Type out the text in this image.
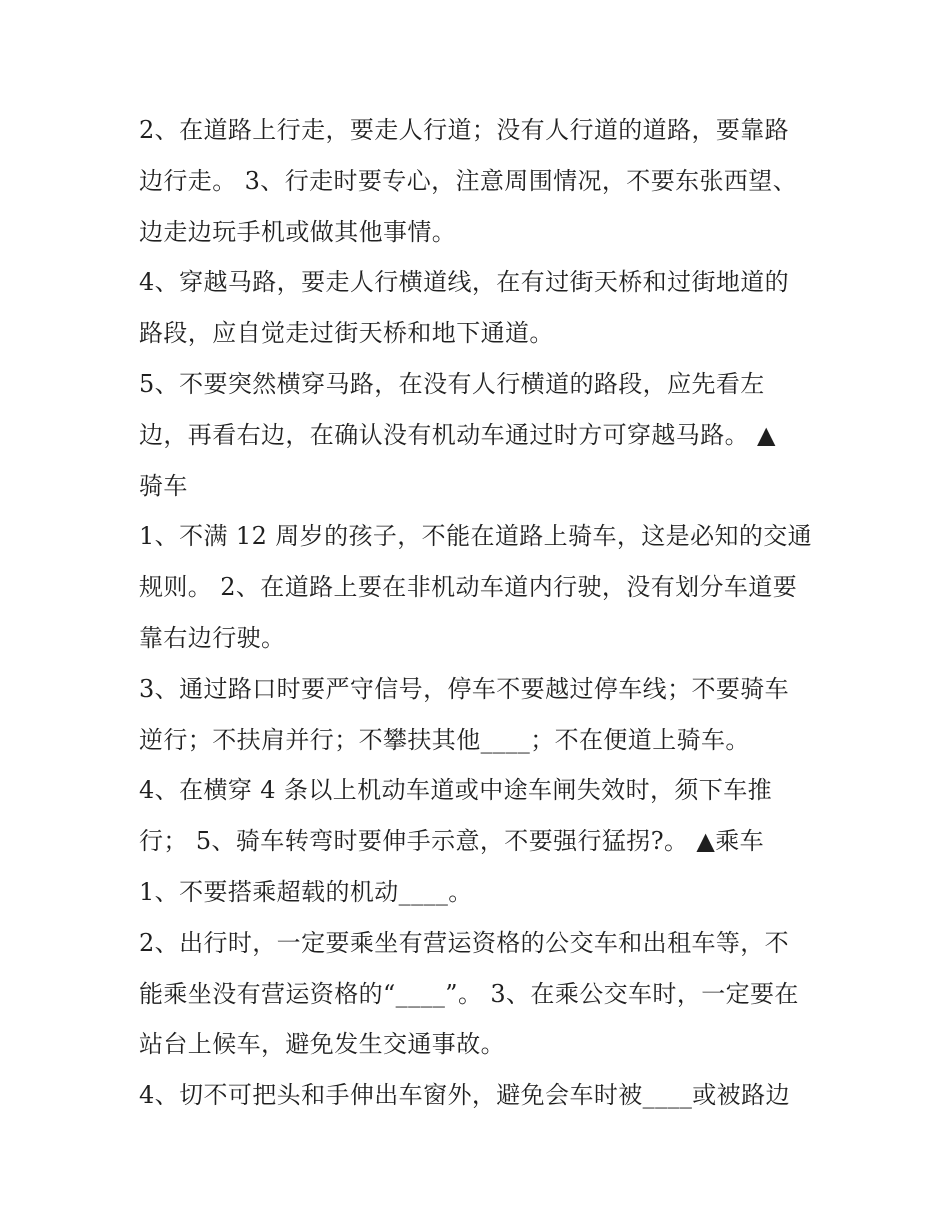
2、在道路上行走，要走人行道；没有人行道的道路，要靠路
边行走。 3、行走时要专心，注意周围情况，不要东张西望、
边走边玩手机或做其他事情。
4、穿越马路，要走人行横道线，在有过街天桥和过街地道的
路段，应自觉走过街天桥和地下通道。
5、不要突然横穿马路，在没有人行横道的路段，应先看左
边，再看右边，在确认没有机动车通过时方可穿越马路。 ▲
骑车
1、不满 12 周岁的孩子，不能在道路上骑车，这是必知的交通
规则。 2、在道路上要在非机动车道内行驶，没有划分车道要
靠右边行驶。
3、通过路口时要严守信号，停车不要越过停车线；不要骑车
逆行；不扶肩并行；不攀扶其他____；不在便道上骑车。
4、在横穿 4 条以上机动车道或中途车闸失效时，须下车推
行； 5、骑车转弯时要伸手示意，不要强行猛拐?。 ▲乘车
1、不要搭乘超载的机动____。
2、出行时，一定要乘坐有营运资格的公交车和出租车等，不
能乘坐没有营运资格的“____”。 3、在乘公交车时，一定要在
站台上候车，避免发生交通事故。
4、切不可把头和手伸出车窗外，避免会车时被____或被路边
